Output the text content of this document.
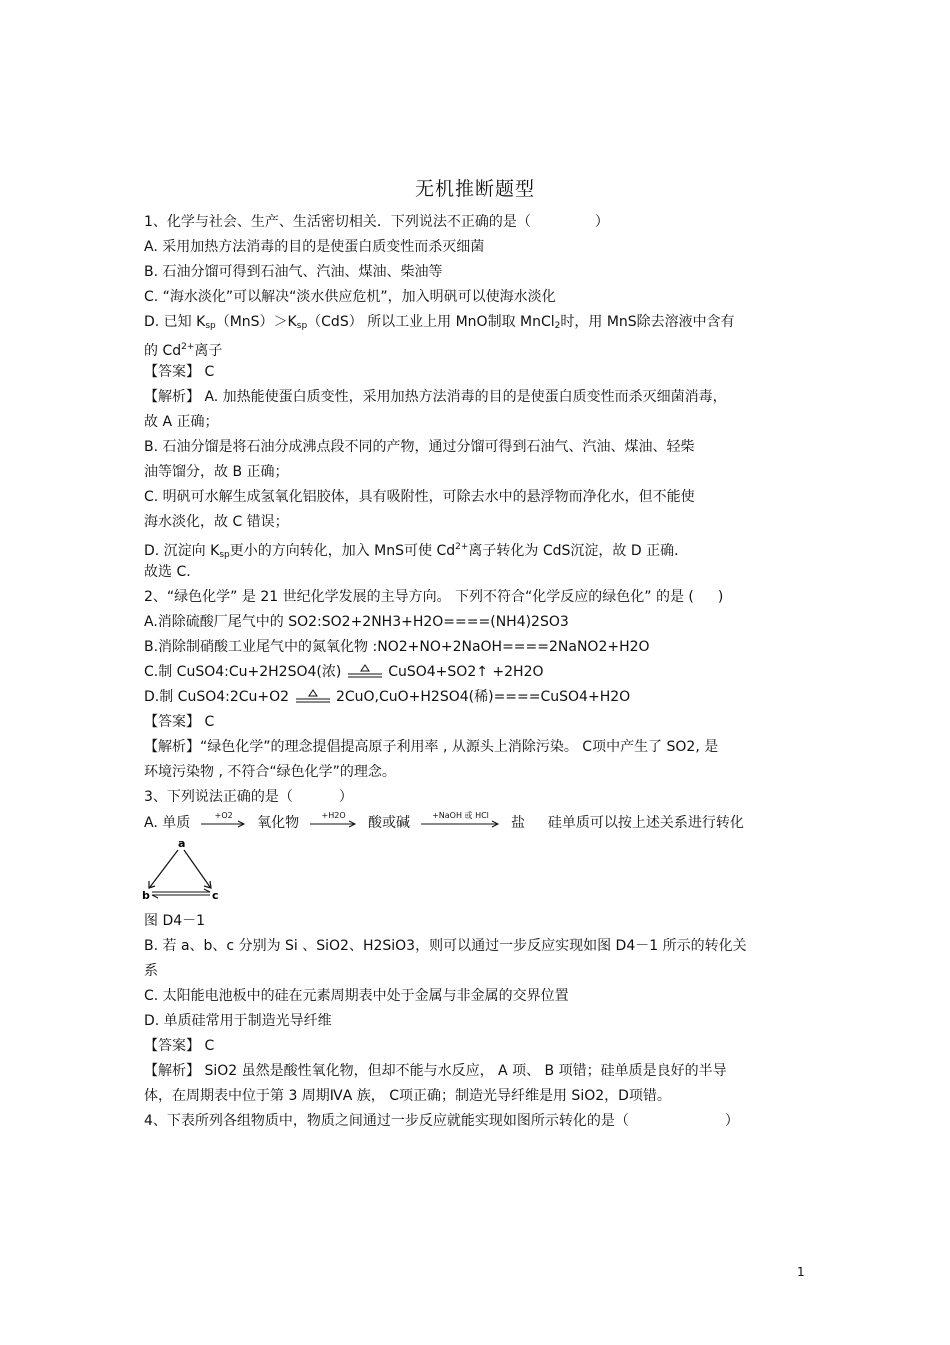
无机推断题型
1、化学与社会、生产、生活密切相关．下列说法不正确的是（	）
A. 采用加热方法消毒的目的是使蛋白质变性而杀灭细菌
B. 石油分馏可得到石油气、汽油、煤油、柴油等
C. “海水淡化”可以解决“淡水供应危机”，加入明矾可以使海水淡化
D. 已知 $K_{sp}(MnS)>K_{sp}(CdS)$ 所以工业上用 MnO制取 MnCl$_2$时，用 MnS除去溶液中含有
的 $Cd^{2+}$离子
【答案】 C
【解析】 A. 加热能使蛋白质变性，采用加热方法消毒的目的是使蛋白质变性而杀灭细菌消毒，
故 A 正确；
B. 石油分馏是将石油分成沸点段不同的产物，通过分馏可得到石油气、汽油、煤油、轻柴
油等馏分，故 B 正确；
C. 明矾可水解生成氢氧化铝胶体，具有吸附性，可除去水中的悬浮物而净化水，但不能使
海水淡化，故 C 错误；
D. 沉淀向 $K_{sp}$更小的方向转化，加入 MnS可使 $Cd^{2+}$离子转化为 CdS沉淀，故 D 正确．
故选 C.
2、“绿色化学” 是 21 世纪化学发展的主导方向。 下列不符合“化学反应的绿色化” 的是 ( )
A.消除硫酸厂尾气中的 SO2:SO2+2NH3+H2O====(NH4)2SO3
B.消除制硝酸工业尾气中的氮氧化物 :NO2+NO+2NaOH====2NaNO2+H2O
C.制 CuSO4:Cu+2H2SO4(浓)	CuSO4+SO2↑ +2H2O
D.制 CuSO4:2Cu+O2	2CuO,CuO+H2SO4(稀)====CuSO4+H2O
【答案】 C
【解析】“绿色化学”的理念提倡提高原子利用率 , 从源头上消除污染。 C项中产生了 SO2, 是
环境污染物 , 不符合“绿色化学”的理念。
3、下列说法正确的是（	）
A. 单质	+O2	氧化物	+H2O	酸或碱	+NaOH 或 HCl	盐 硅单质可以按上述关系进行转化
a
b	c
图 D4－1
B. 若 a、b、c 分别为 Si 、SiO2、H2SiO3，则可以通过一步反应实现如图 D4－1 所示的转化关
系
C. 太阳能电池板中的硅在元素周期表中处于金属与非金属的交界位置
D. 单质硅常用于制造光导纤维
【答案】 C
【解析】 SiO2 虽然是酸性氧化物，但却不能与水反应， A 项、 B 项错；硅单质是良好的半导
体，在周期表中位于第 3 周期ⅣA 族， C项正确；制造光导纤维是用 SiO2，D项错。
4、下表所列各组物质中，物质之间通过一步反应就能实现如图所示转化的是（	）
1
